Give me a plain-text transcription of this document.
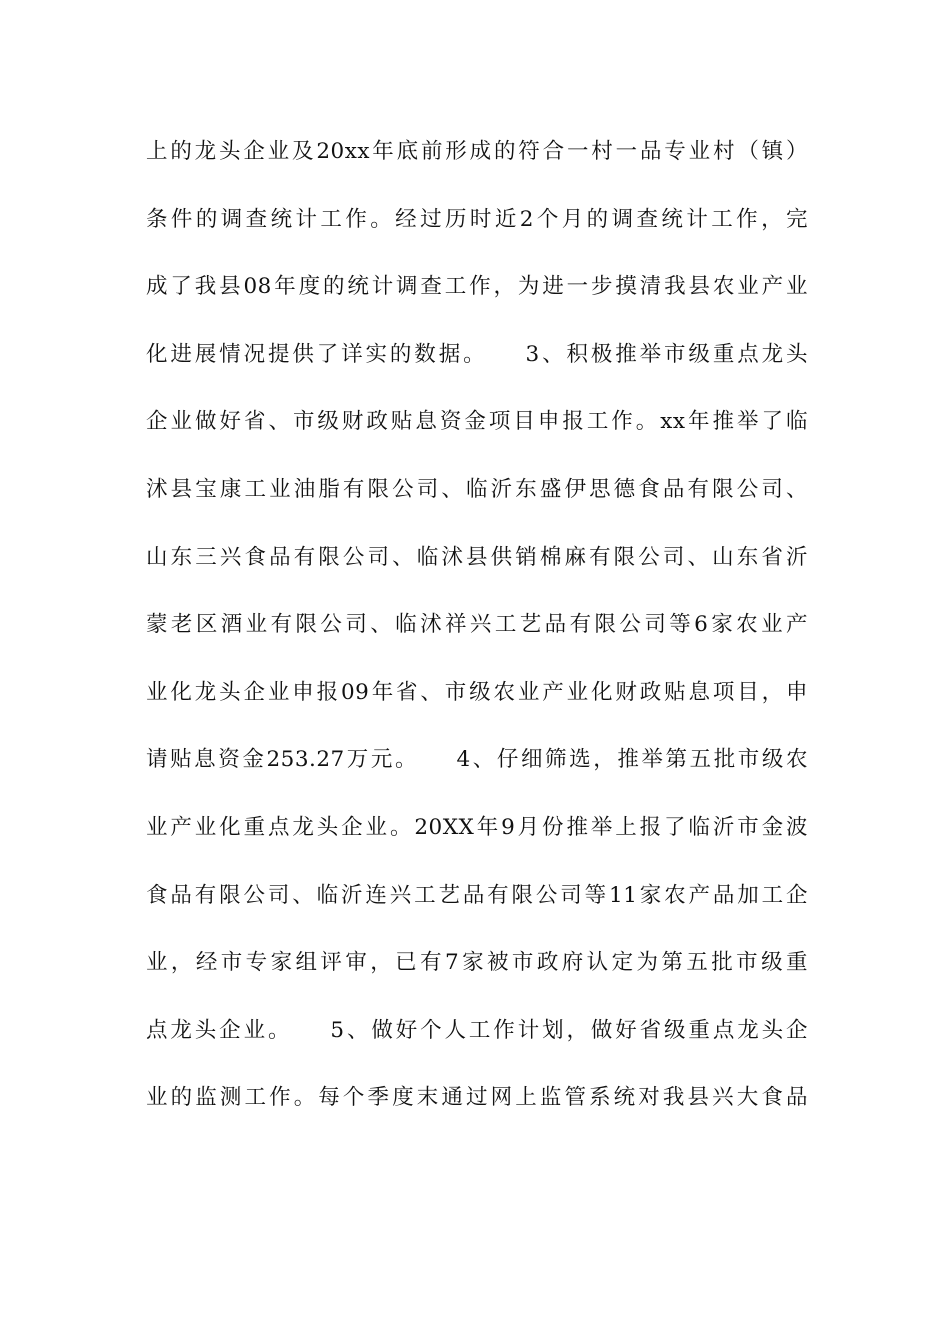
上的龙头企业及20xx年底前形成的符合一村一品专业村（镇）
条件的调查统计工作。经过历时近2个月的调查统计工作，完
成了我县08年度的统计调查工作，为进一步摸清我县农业产业
化进展情况提供了详实的数据。　　3、积极推举市级重点龙头
企业做好省、市级财政贴息资金项目申报工作。xx年推举了临
沭县宝康工业油脂有限公司、临沂东盛伊思德食品有限公司、
山东三兴食品有限公司、临沭县供销棉麻有限公司、山东省沂
蒙老区酒业有限公司、临沭祥兴工艺品有限公司等6家农业产
业化龙头企业申报09年省、市级农业产业化财政贴息项目，申
请贴息资金253.27万元。　　4、仔细筛选，推举第五批市级农
业产业化重点龙头企业。20XX年9月份推举上报了临沂市金波
食品有限公司、临沂连兴工艺品有限公司等11家农产品加工企
业，经市专家组评审，已有7家被市政府认定为第五批市级重
点龙头企业。　　5、做好个人工作计划，做好省级重点龙头企
业的监测工作。每个季度末通过网上监管系统对我县兴大食品
